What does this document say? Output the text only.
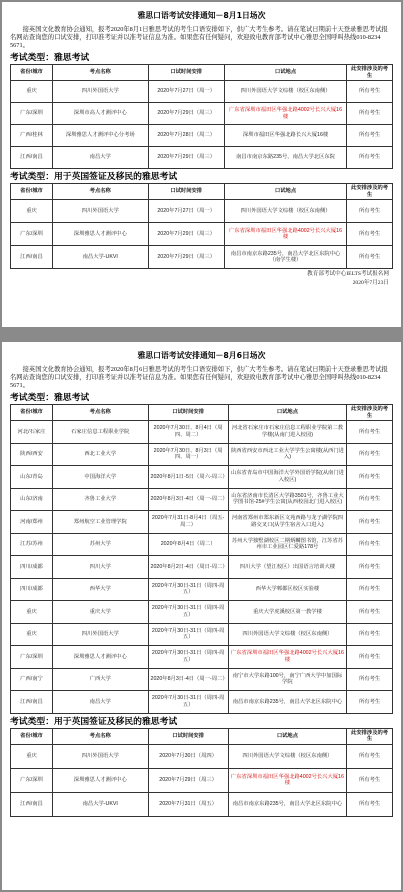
雅思口语考试安排通知－8月1日场次

接英国文化教育协会通知，报考2020年8月1日雅思考试的考生口语安排如下，供广大考生参考。请在笔试日期前十天登录雅思考试报名网站查询您的口试安排，打印准考证并以准考证信息为准。如果您有任何疑问，欢迎致电教育部考试中心雅思全国呼叫热线010-8234 5671。

考试类型：雅思考试
省份/城市	考点名称	口试时间安排	口试地点	此安排涉及的考生
重庆	四川外国语大学	2020年7月27日（周一）	四川外国语大学文综楼（校区东南侧）	所有考生
广东/深圳	深圳市高人才测评中心	2020年7月29日（周三）	广东省深圳市福田区华强北路4002号长兴大厦16楼	所有考生
广西/桂林	深圳雅思人才测评中心分考场	2020年7月28日（周二）	深圳市福田区华强北路长兴大厦16楼	所有考生
江西/南昌	南昌大学	2020年7月29日（周三）	南昌市南京东路235号，南昌大学北区东院	所有考生
考试类型：用于英国签证及移民的雅思考试
省份/城市	考点名称	口试时间安排	口试地点	此安排涉及的考生
重庆	四川外国语大学	2020年7月27日（周一）	四川外国语大学文综楼（校区东南侧）	所有考生
广东/深圳	深圳雅思人才测评中心	2020年7月29日（周三）	广东省深圳市福田区华强北路4002号长兴大厦16楼	所有考生
江西/南昌	南昌大学-UKVI	2020年7月29日（周三）	南昌市南京东路235号，南昌大学北区东院中心（南学生楼）	所有考生
教育部考试中心IELTS考试报名网
2020年7月23日
雅思口语考试安排通知－8月6日场次

接英国文化教育协会通知，报考2020年8月6日雅思考试的考生口语安排如下，供广大考生参考。请在笔试日期前十天登录雅思考试报名网站查询您的口试安排，打印准考证并以准考证信息为准。如果您有任何疑问，欢迎致电教育部考试中心雅思全国呼叫热线010-8234 5671。

考试类型：雅思考试
省份/城市	考点名称	口试时间安排	口试地点	此安排涉及的考生
河北/石家庄	石家庄信息工程职业学院	2020年7月30日、8月4日（周四、周二）	河北省石家庄市石家庄信息工程职业学院第二教学楼(从南门进入校园)	所有考生
陕西/西安	西北工业大学	2020年7月30日、8月3日（周四、周一）	陕西省西安市西北工业大学学生公寓楼(从西门进入)	所有考生
山东/青岛	中国海洋大学	2020年8月1日-5日（周六-周三）	山东省青岛市中国海洋大学外国语学院(从南门进入校区)	所有考生
山东/济南	齐鲁工业大学	2020年8月3日-4日（周一-周二）	山东省济南市长清区大学路3501号，齐鲁工业大学图书馆-25#学生公寓(从西校园北门进入校区)	所有考生
河南/郑州	郑州航空工业管理学院	2020年7月31日-8月4日（周五-周二）	河南省郑州市郑东新区文苑西路与龙子湖学院四路交叉口(从学生宿舍入口进入)	所有考生
江苏/苏州	苏州大学	2020年8月4日（周二）	苏州大学独墅湖校区二期炳麟图书馆，江苏省苏州市工业园区仁爱路178号	所有考生
四川/成都	四川大学	2020年8月2日-4日（周日-周二）	四川大学（望江校区）出国语言培训大楼	所有考生
四川/成都	西华大学	2020年7月30日-31日（周四-周五）	西华大学郫都区校区实验楼	所有考生
重庆	重庆大学	2020年7月30日-31日（周四-周五）	重庆大学虎溪校区第一教学楼	所有考生
重庆	四川外国语大学	2020年7月30日-31日（周四-周五）	四川外国语大学文综楼（校区东南侧）	所有考生
广东/深圳	深圳雅思人才测评中心	2020年7月30日-31日（周四-周五）	广东省深圳市福田区华强北路4002号长兴大厦16楼	所有考生
广西/南宁	广西大学	2020年8月3日-4日（周一-周二）	南宁市大学东路100号，南宁广西大学中加国际学院	所有考生
江西/南昌	南昌大学	2020年7月30日-31日（周四-周五）	南昌市南京东路235号，南昌大学北区东院中心	所有考生
考试类型：用于英国签证及移民的雅思考试
省份/城市	考点名称	口试时间安排	口试地点	此安排涉及的考生
重庆	四川外国语大学	2020年7月30日（周四）	四川外国语大学文综楼（校区东南侧）	所有考生
广东/深圳	深圳雅思人才测评中心	2020年7月29日（周三）	广东省深圳市福田区华强北路4002号长兴大厦16楼	所有考生
江西/南昌	南昌大学-UKVI	2020年7月31日（周五）	南昌市南京东路235号，南昌大学北区东院中心	所有考生
